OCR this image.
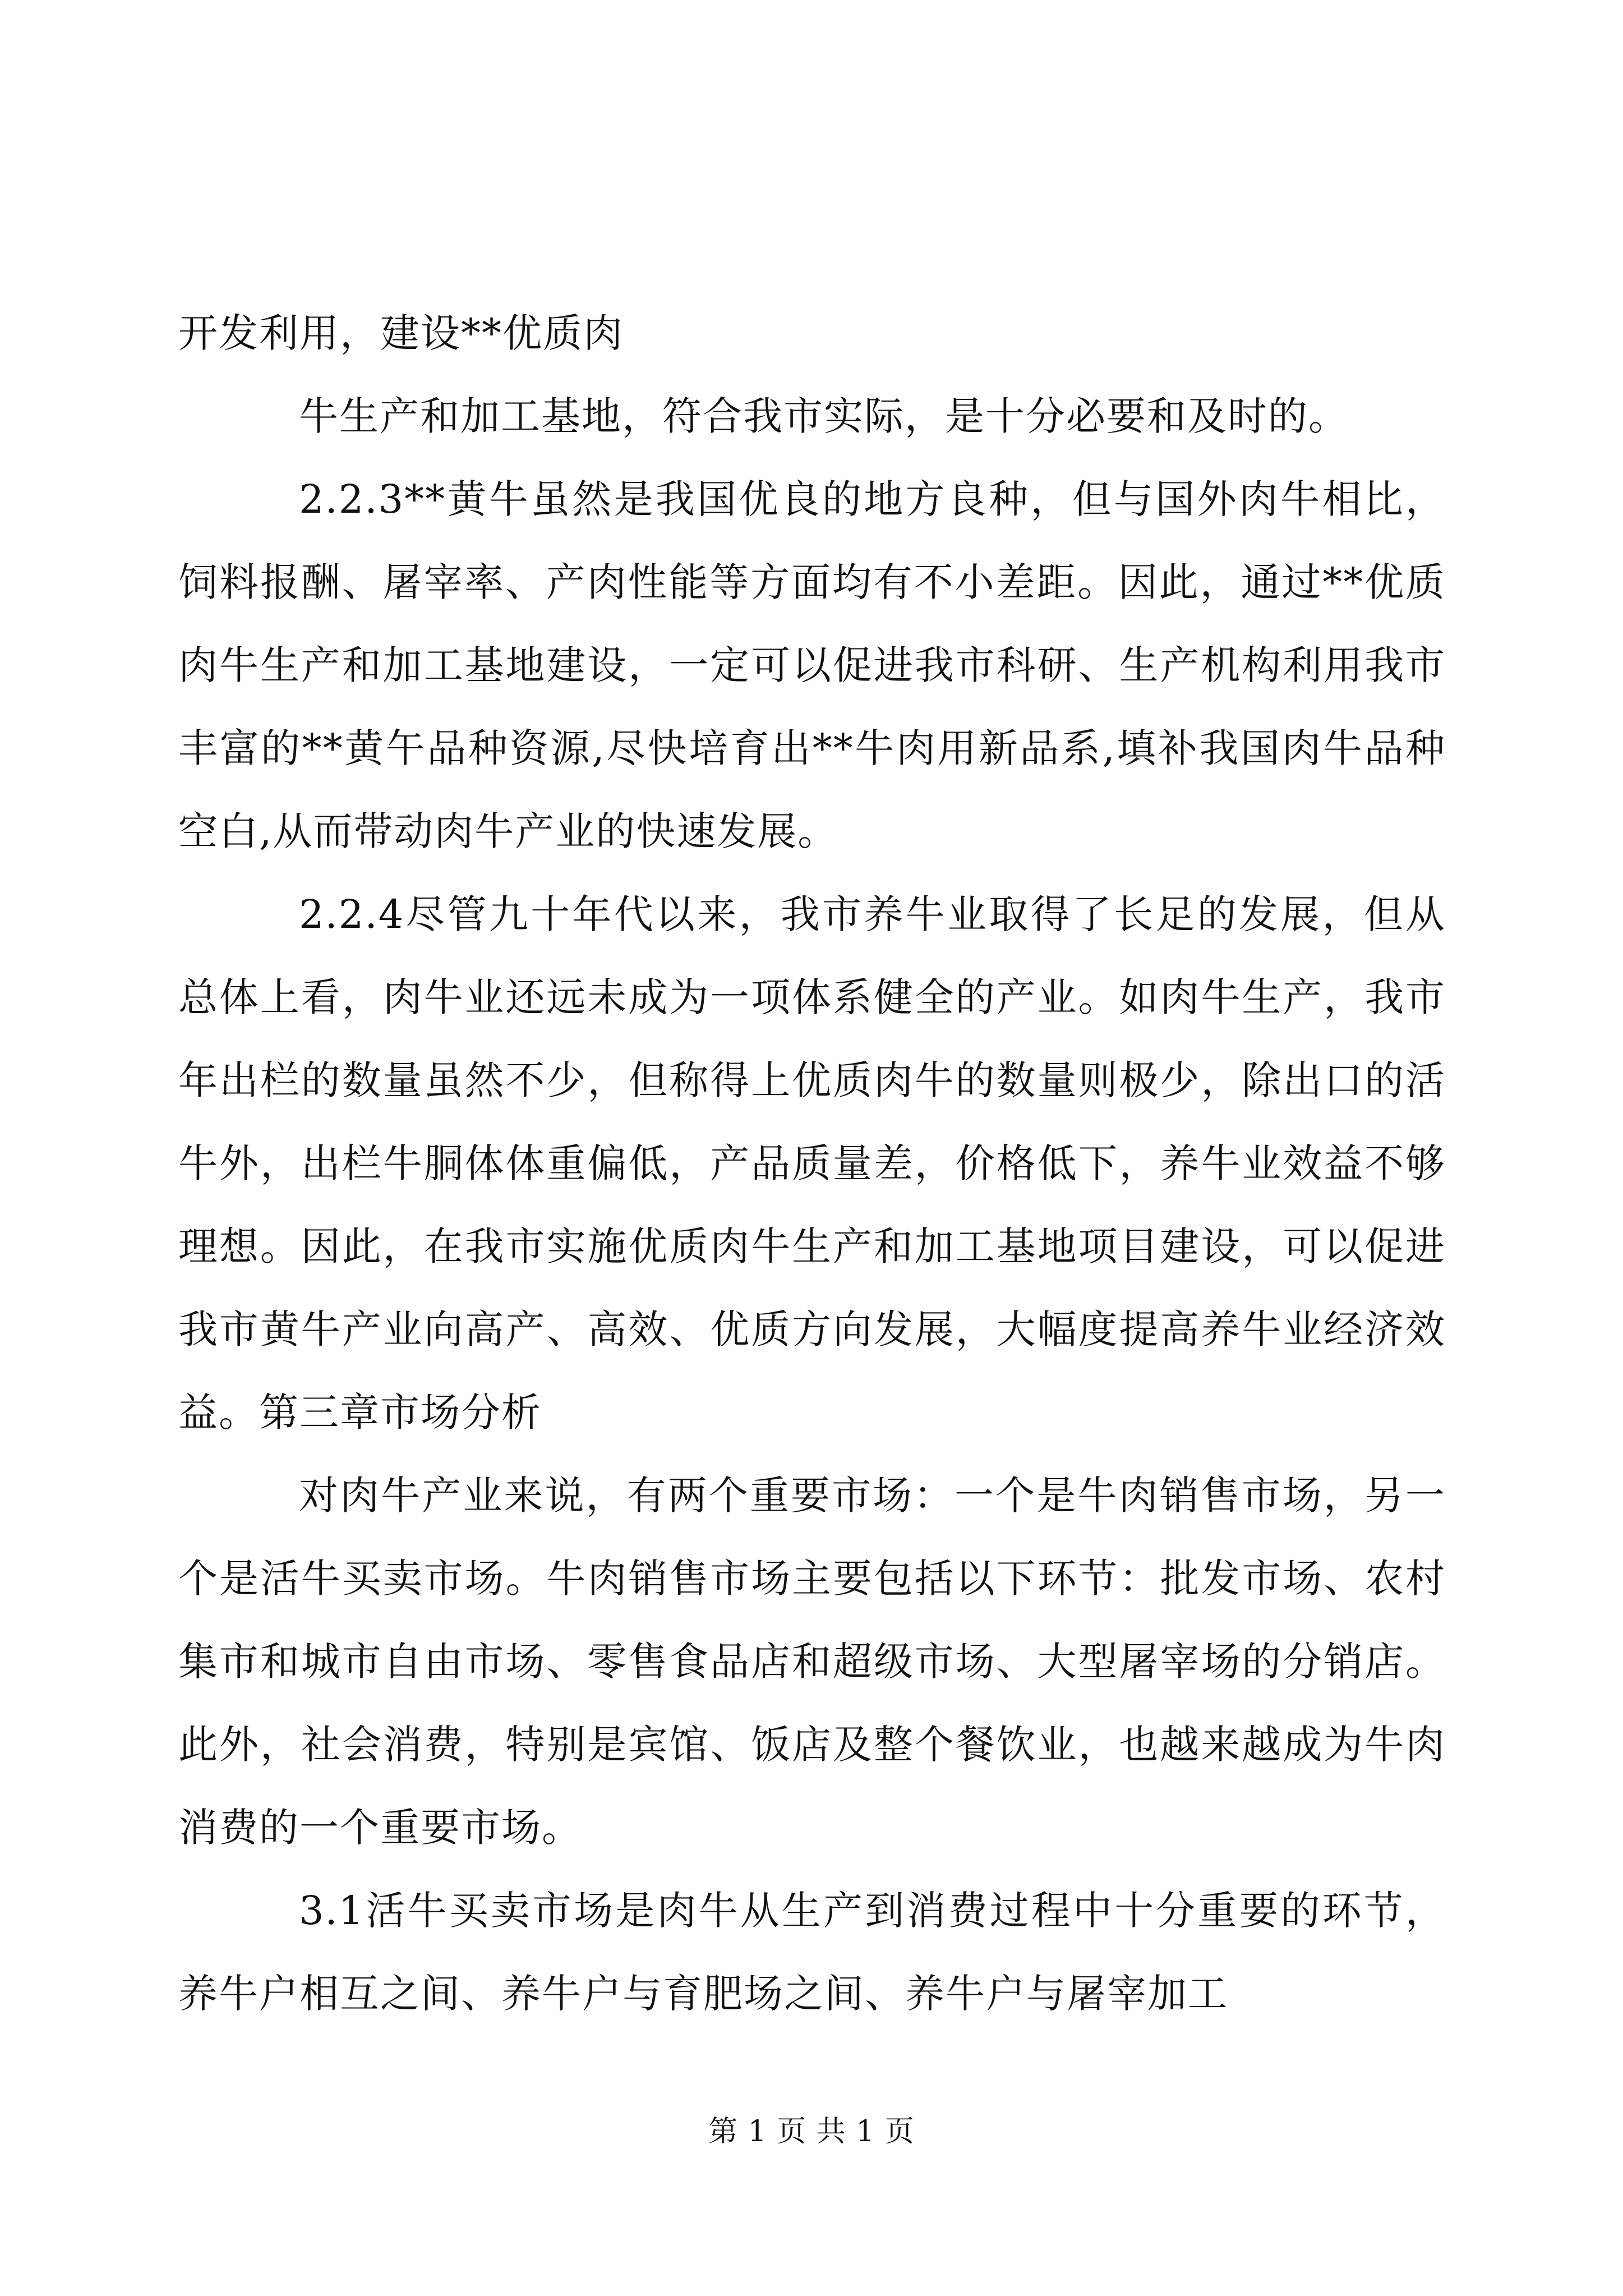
开发利用，建设**优质肉

牛生产和加工基地，符合我市实际，是十分必要和及时的。

2.2.3**黄牛虽然是我国优良的地方良种，但与国外肉牛相比，饲料报酬、屠宰率、产肉性能等方面均有不小差距。因此，通过**优质肉牛生产和加工基地建设，一定可以促进我市科研、生产机构利用我市丰富的**黄午品种资源,尽快培育出**牛肉用新品系,填补我国肉牛品种空白,从而带动肉牛产业的快速发展。

2.2.4尽管九十年代以来，我市养牛业取得了长足的发展，但从总体上看，肉牛业还远未成为一项体系健全的产业。如肉牛生产，我市年出栏的数量虽然不少，但称得上优质肉牛的数量则极少，除出口的活牛外，出栏牛胴体体重偏低，产品质量差，价格低下，养牛业效益不够理想。因此，在我市实施优质肉牛生产和加工基地项目建设，可以促进我市黄牛产业向高产、高效、优质方向发展，大幅度提高养牛业经济效益。第三章市场分析

对肉牛产业来说，有两个重要市场：一个是牛肉销售市场，另一个是活牛买卖市场。牛肉销售市场主要包括以下环节：批发市场、农村集市和城市自由市场、零售食品店和超级市场、大型屠宰场的分销店。此外，社会消费，特别是宾馆、饭店及整个餐饮业，也越来越成为牛肉消费的一个重要市场。

3.1活牛买卖市场是肉牛从生产到消费过程中十分重要的环节，养牛户相互之间、养牛户与育肥场之间、养牛户与屠宰加工

第 1 页 共 1 页
